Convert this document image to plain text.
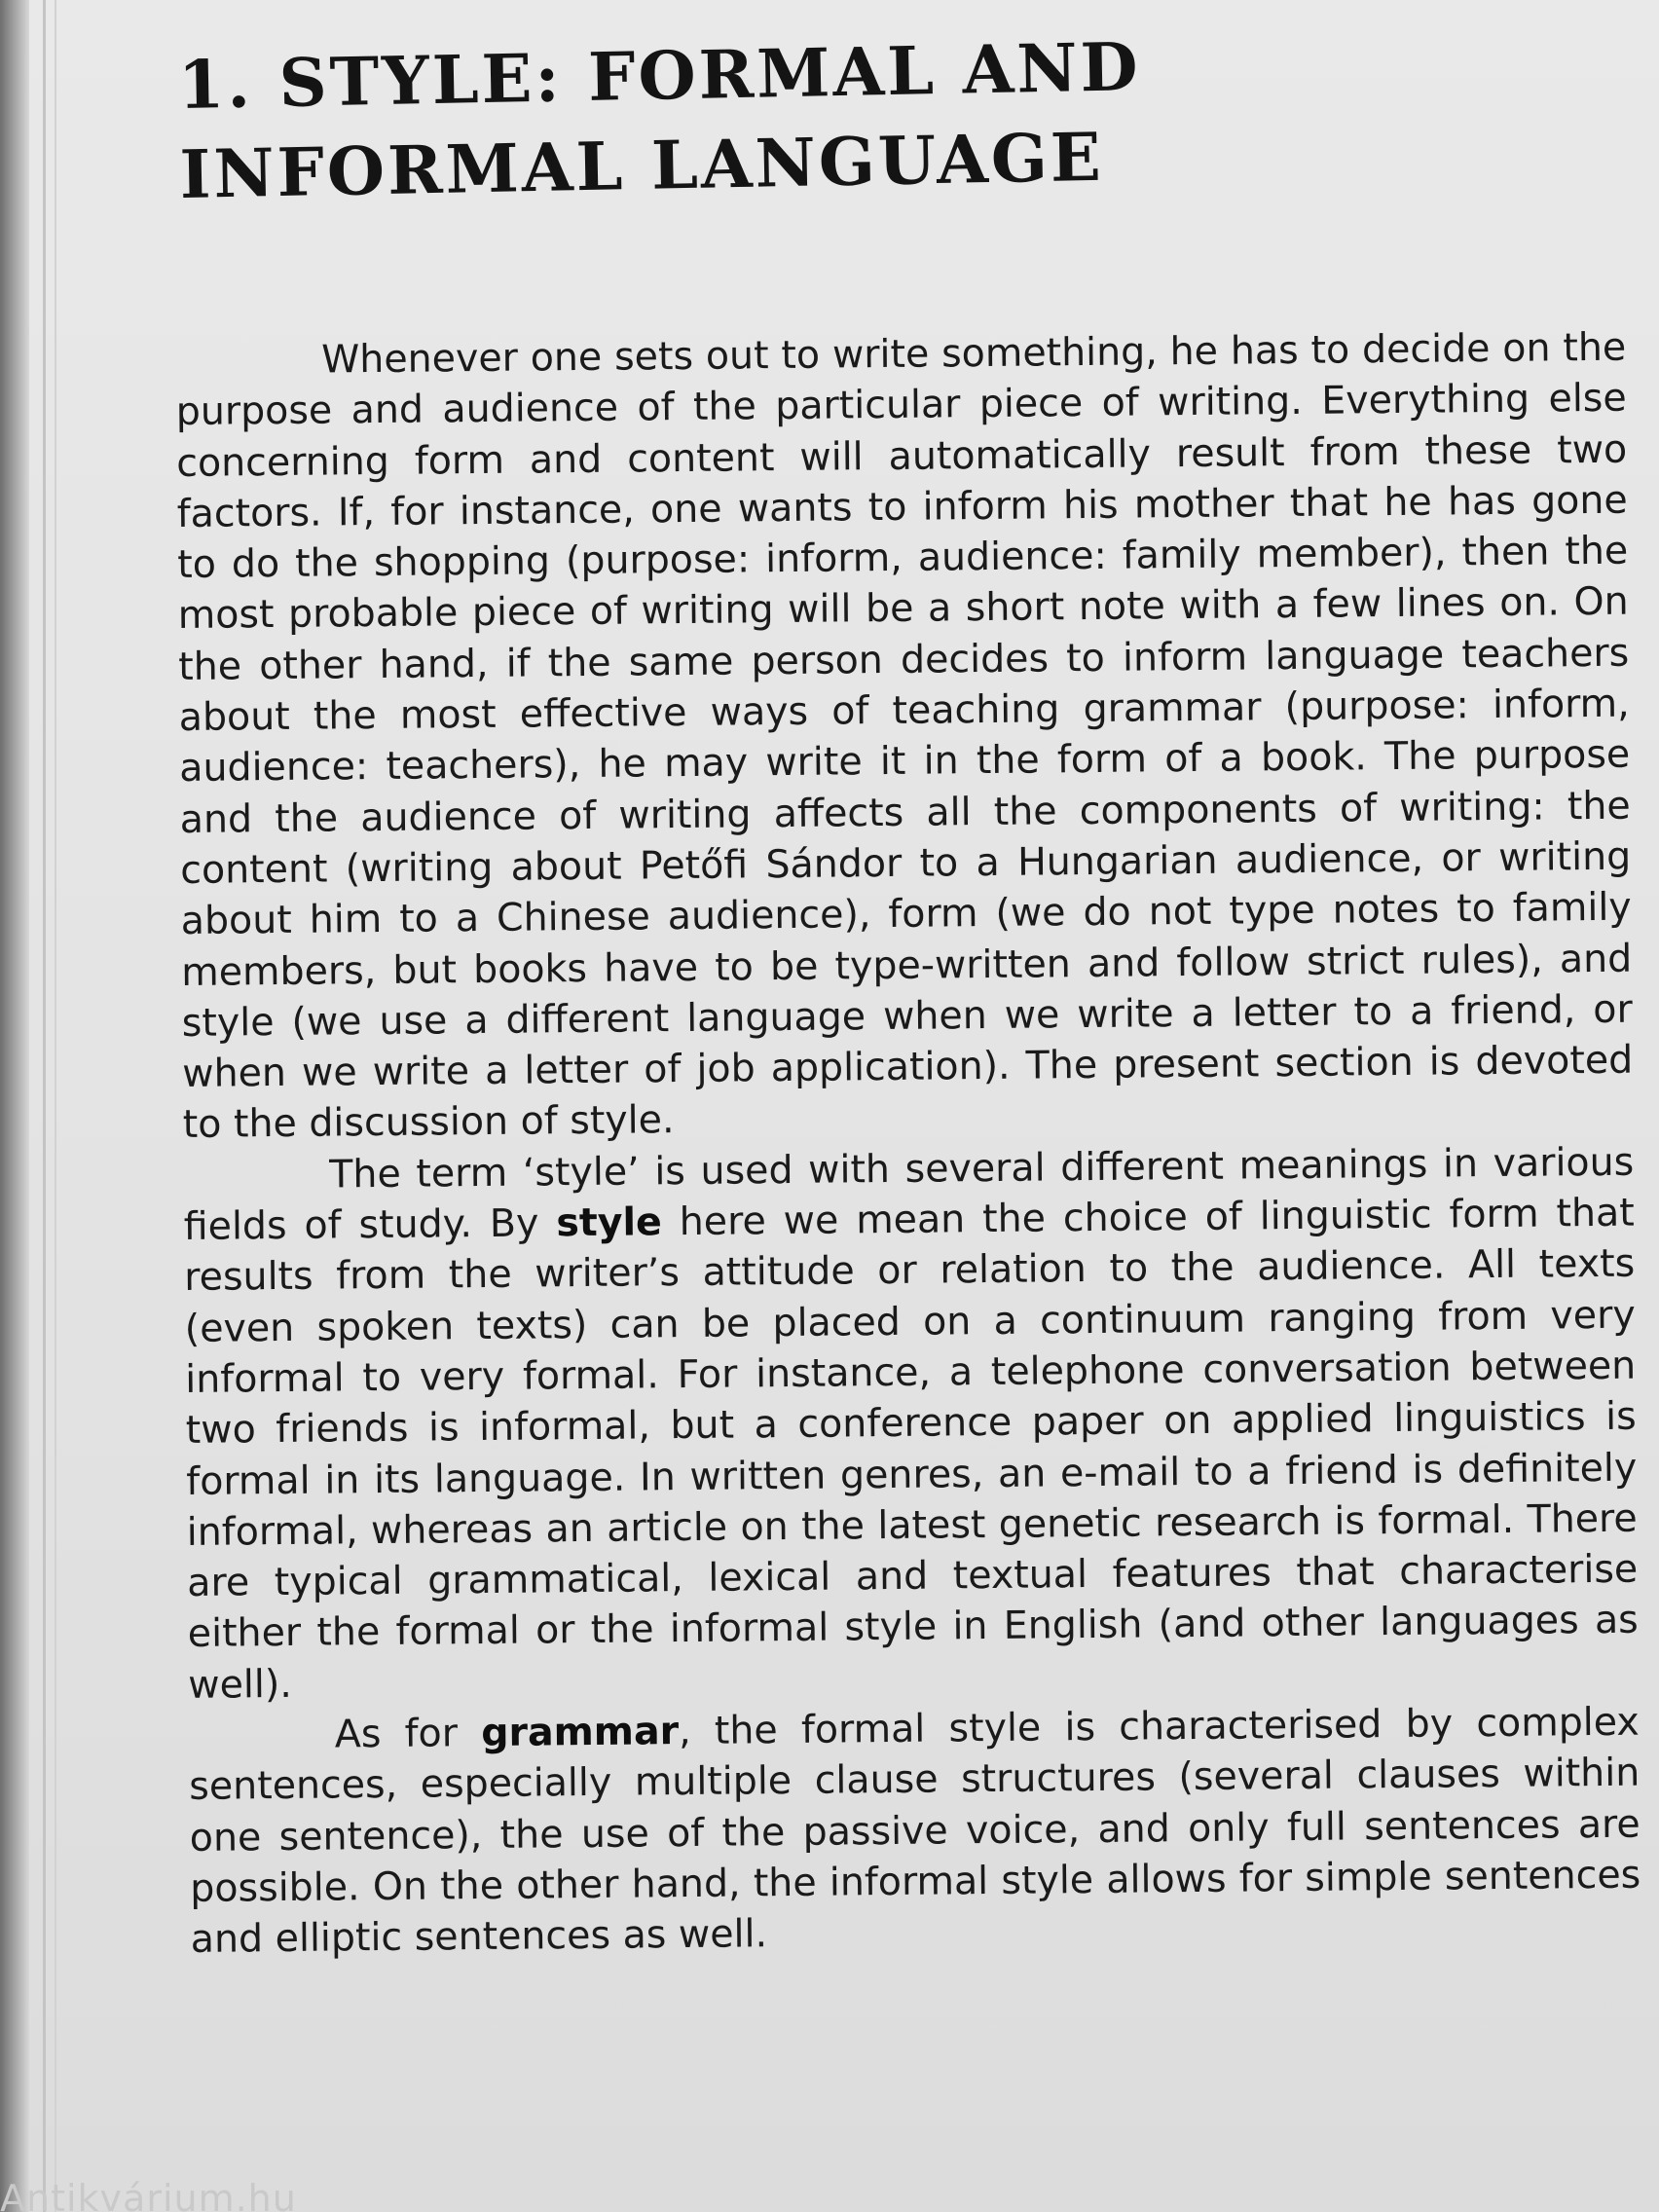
1. STYLE: FORMAL AND
INFORMAL LANGUAGE

Whenever one sets out to write something, he has to decide on the purpose and audience of the particular piece of writing. Everything else concerning form and content will automatically result from these two factors. If, for instance, one wants to inform his mother that he has gone to do the shopping (purpose: inform, audience: family member), then the most probable piece of writing will be a short note with a few lines on. On the other hand, if the same person decides to inform language teachers about the most effective ways of teaching grammar (purpose: inform, audience: teachers), he may write it in the form of a book. The purpose and the audience of writing affects all the components of writing: the content (writing about Petőfi Sándor to a Hungarian audience, or writing about him to a Chinese audience), form (we do not type notes to family members, but books have to be type-written and follow strict rules), and style (we use a different language when we write a letter to a friend, or when we write a letter of job application). The present section is devoted to the discussion of style.

The term ‘style’ is used with several different meanings in various fields of study. By style here we mean the choice of linguistic form that results from the writer’s attitude or relation to the audience. All texts (even spoken texts) can be placed on a continuum ranging from very informal to very formal. For instance, a telephone conversation between two friends is informal, but a conference paper on applied linguistics is formal in its language. In written genres, an e-mail to a friend is definitely informal, whereas an article on the latest genetic research is formal. There are typical grammatical, lexical and textual features that characterise either the formal or the informal style in English (and other languages as well).

As for grammar, the formal style is characterised by complex sentences, especially multiple clause structures (several clauses within one sentence), the use of the passive voice, and only full sentences are possible. On the other hand, the informal style allows for simple sentences and elliptic sentences as well.

Antikvárium.hu
